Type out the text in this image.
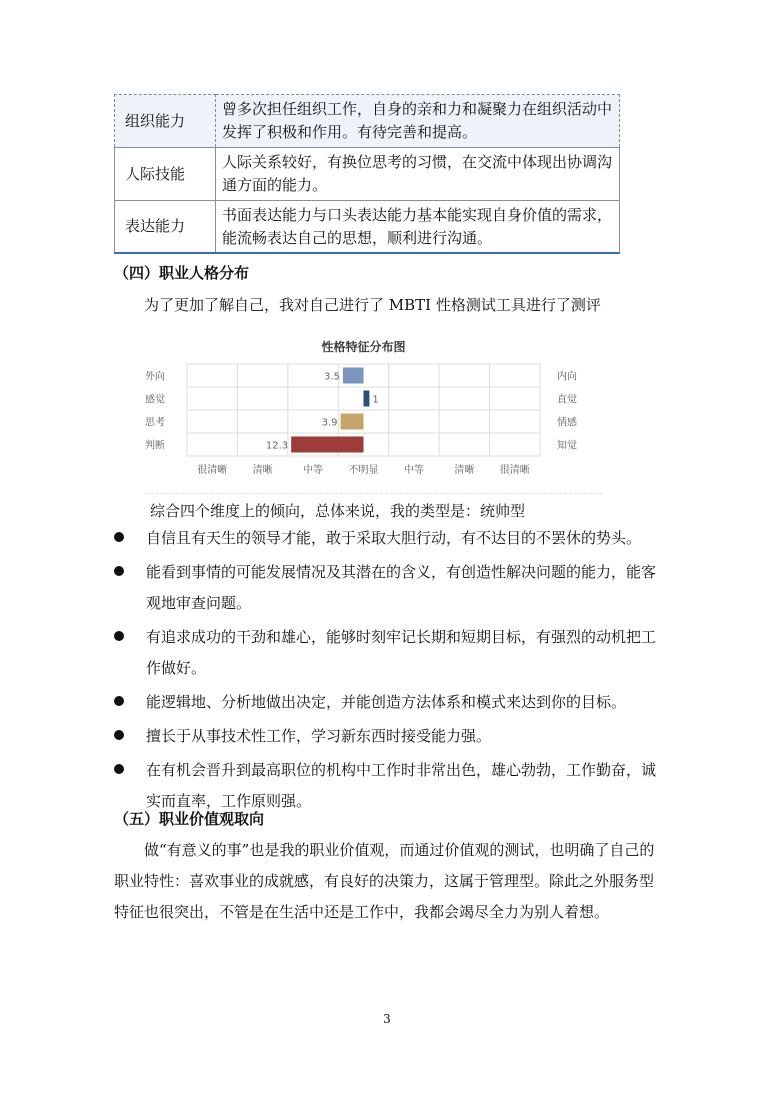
组织能力	曾多次担任组织工作，自身的亲和力和凝聚力在组织活动中发挥了积极和作用。有待完善和提高。
人际技能	人际关系较好，有换位思考的习惯，在交流中体现出协调沟通方面的能力。
表达能力	书面表达能力与口头表达能力基本能实现自身价值的需求，能流畅表达自己的思想，顺利进行沟通。
（四）职业人格分布
为了更加了解自己，我对自己进行了 MBTI 性格测试工具进行了测评
性格特征分布图
外向	内向
3.5
感觉	直觉
1
思考	情感
3.9
判断	知觉
12.3
很清晰	清晰	中等	不明显	中等	清晰	很清晰
综合四个维度上的倾向，总体来说，我的类型是：统帅型
自信且有天生的领导才能，敢于采取大胆行动，有不达目的不罢休的势头。
能看到事情的可能发展情况及其潜在的含义，有创造性解决问题的能力，能客观地审查问题。
有追求成功的干劲和雄心，能够时刻牢记长期和短期目标，有强烈的动机把工作做好。
能逻辑地、分析地做出决定，并能创造方法体系和模式来达到你的目标。
擅长于从事技术性工作，学习新东西时接受能力强。
在有机会晋升到最高职位的机构中工作时非常出色，雄心勃勃，工作勤奋，诚实而直率，工作原则强。
（五）职业价值观取向
做“有意义的事”也是我的职业价值观，而通过价值观的测试，也明确了自己的职业特性：喜欢事业的成就感，有良好的决策力，这属于管理型。除此之外服务型特征也很突出，不管是在生活中还是工作中，我都会竭尽全力为别人着想。
3
